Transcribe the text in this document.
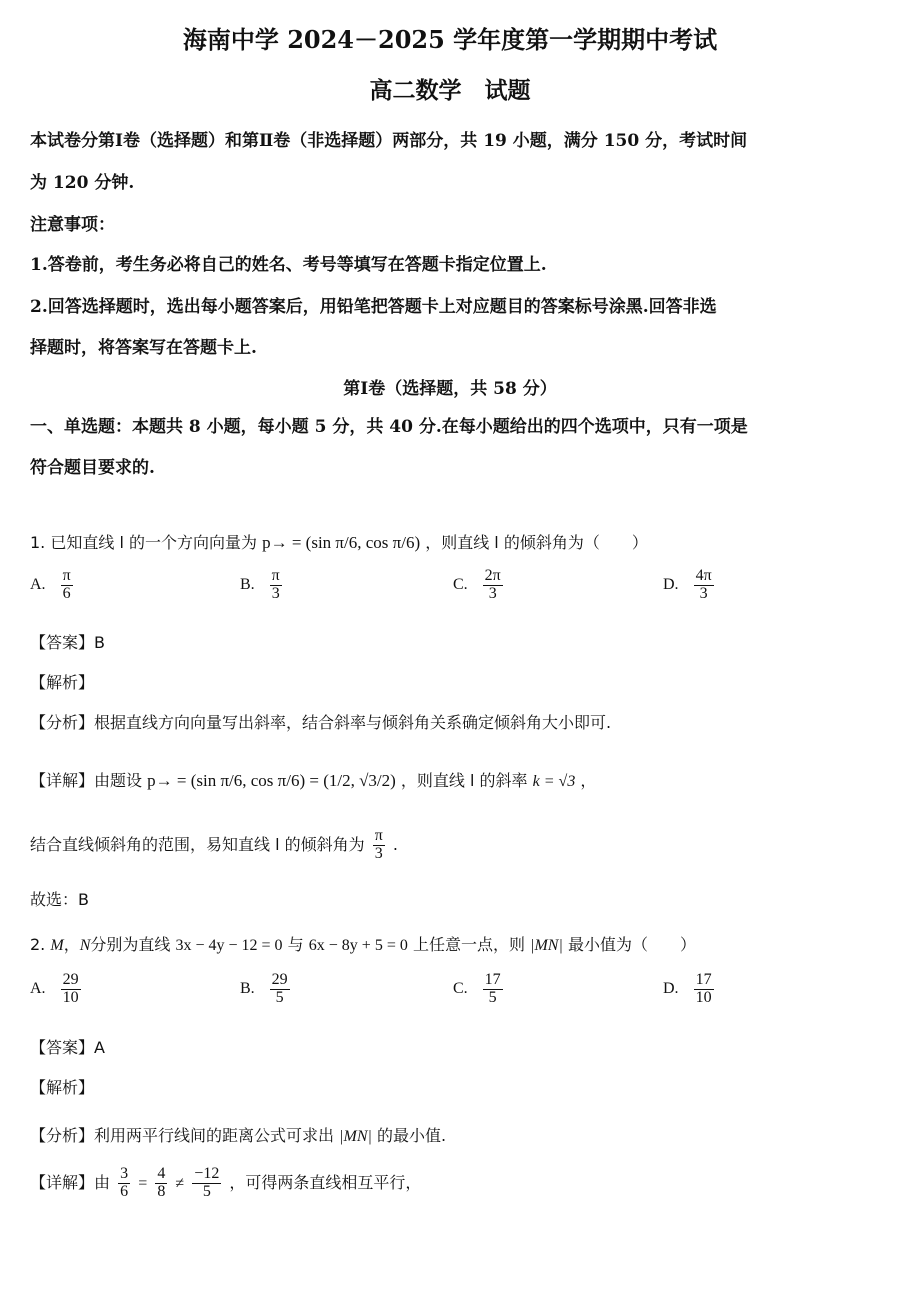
海南中学 2024－2025 学年度第一学期期中考试
高二数学　试题
本试卷分第Ⅰ卷（选择题）和第Ⅱ卷（非选择题）两部分，共 19 小题，满分 150 分，考试时间
为 120 分钟.
注意事项：
1.答卷前，考生务必将自己的姓名、考号等填写在答题卡指定位置上.
2.回答选择题时，选出每小题答案后，用铅笔把答题卡上对应题目的答案标号涂黑.回答非选
择题时，将答案写在答题卡上.
第Ⅰ卷（选择题，共 58 分）
一、单选题：本题共 8 小题，每小题 5 分，共 40 分.在每小题给出的四个选项中，只有一项是
符合题目要求的.
1. 已知直线 l 的一个方向向量为 p→ = (sin π/6, cos π/6) ，则直线 l 的倾斜角为（　　）
A. $\frac{\pi}{6}$	B. $\frac{\pi}{3}$	C. $\frac{2\pi}{3}$	D. $\frac{4\pi}{3}$
【答案】B
【解析】
【分析】根据直线方向向量写出斜率，结合斜率与倾斜角关系确定倾斜角大小即可.
【详解】由题设 p→ = (sin π/6, cos π/6) = (1/2, √3/2) ，则直线 l 的斜率 k = √3 ，
结合直线倾斜角的范围，易知直线 l 的倾斜角为 $\frac{\pi}{3}$ .
故选：B
2. M，N分别为直线 3x − 4y − 12 = 0 与 6x − 8y + 5 = 0 上任意一点，则 |MN| 最小值为（　　）
A. $\frac{29}{10}$	B. $\frac{29}{5}$	C. $\frac{17}{5}$	D. $\frac{17}{10}$
【答案】A
【解析】
【分析】利用两平行线间的距离公式可求出 |MN| 的最小值.
【详解】由 $\frac{3}{6} = \frac{4}{8} \ne \frac{-12}{5}$ ，可得两条直线相互平行，
